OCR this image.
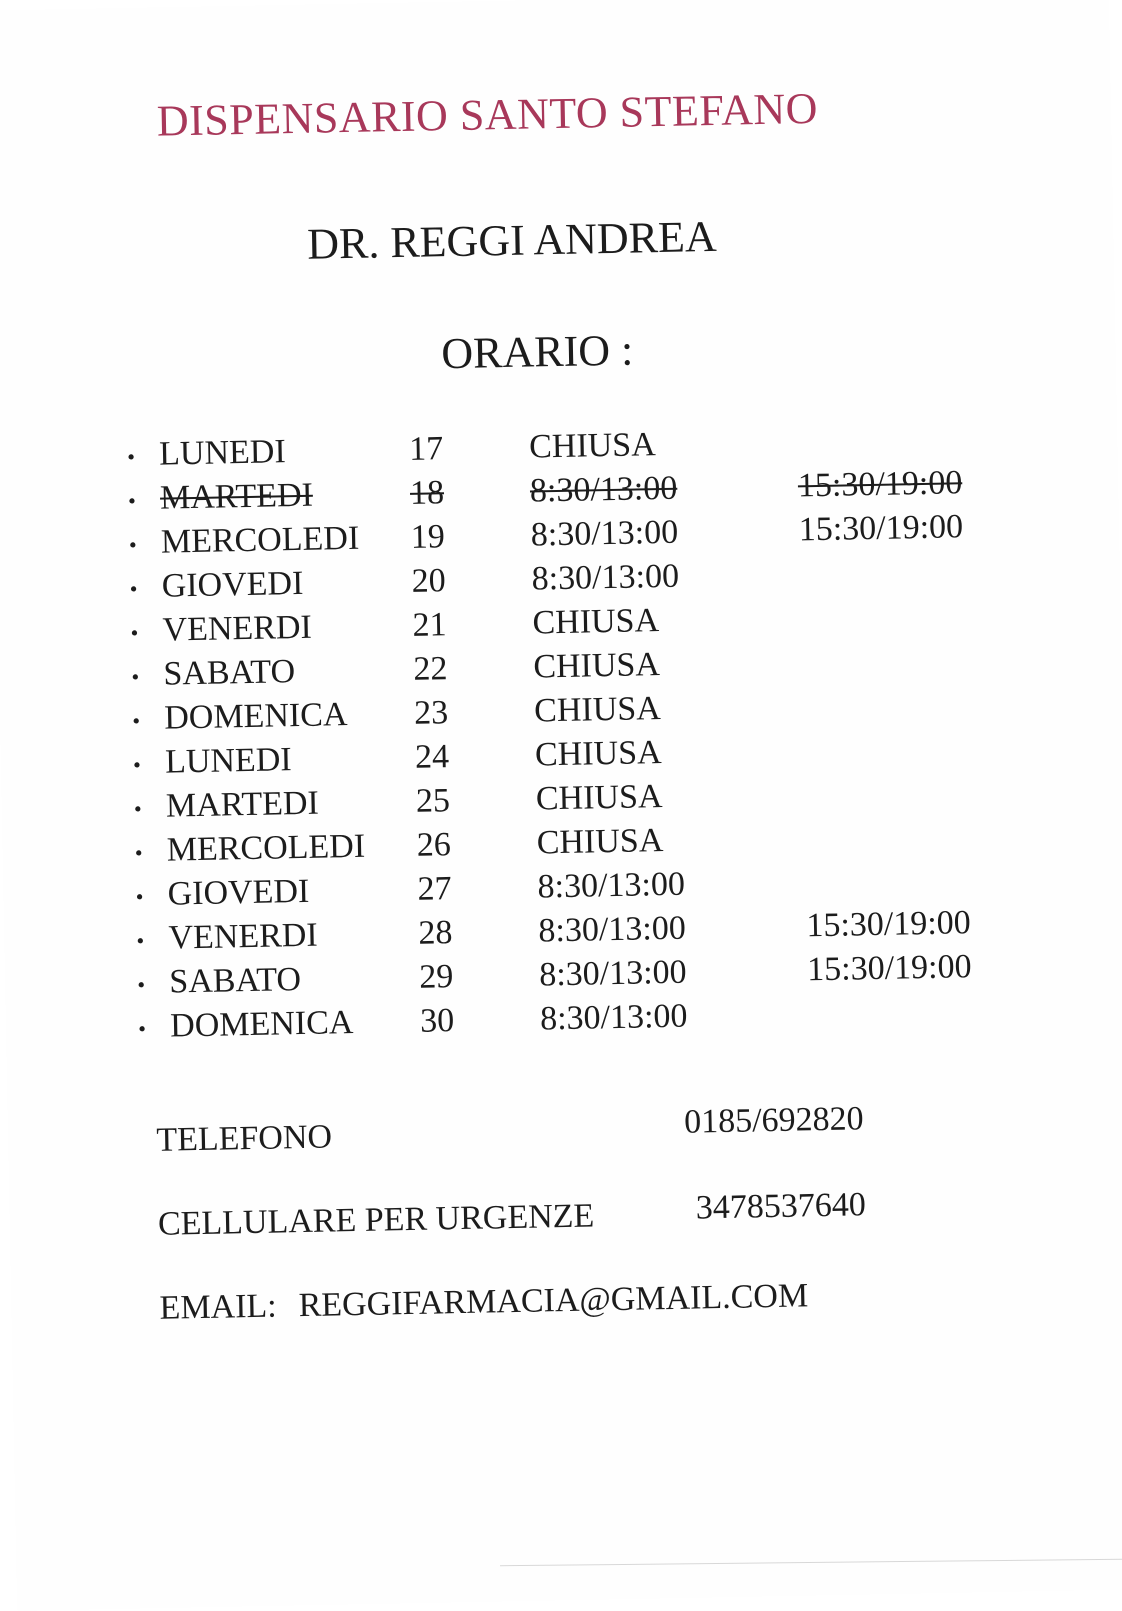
DISPENSARIO SANTO STEFANO
DR. REGGI ANDREA
ORARIO :
• LUNEDI	17	CHIUSA
• MARTEDI	18	8:30/13:00	15:30/19:00
• MERCOLEDI 19	8:30/13:00	15:30/19:00
• GIOVEDI	20	8:30/13:00
• VENERDI	21	CHIUSA
• SABATO	22	CHIUSA
• DOMENICA 23	CHIUSA
• LUNEDI	24	CHIUSA
• MARTEDI	25	CHIUSA
• MERCOLEDI 26	CHIUSA
• GIOVEDI	27	8:30/13:00
• VENERDI	28	8:30/13:00	15:30/19:00
• SABATO	29	8:30/13:00	15:30/19:00
• DOMENICA 30	8:30/13:00
TELEFONO	0185/692820
CELLULARE PER URGENZE	3478537640
EMAIL: REGGIFARMACIA@GMAIL.COM
